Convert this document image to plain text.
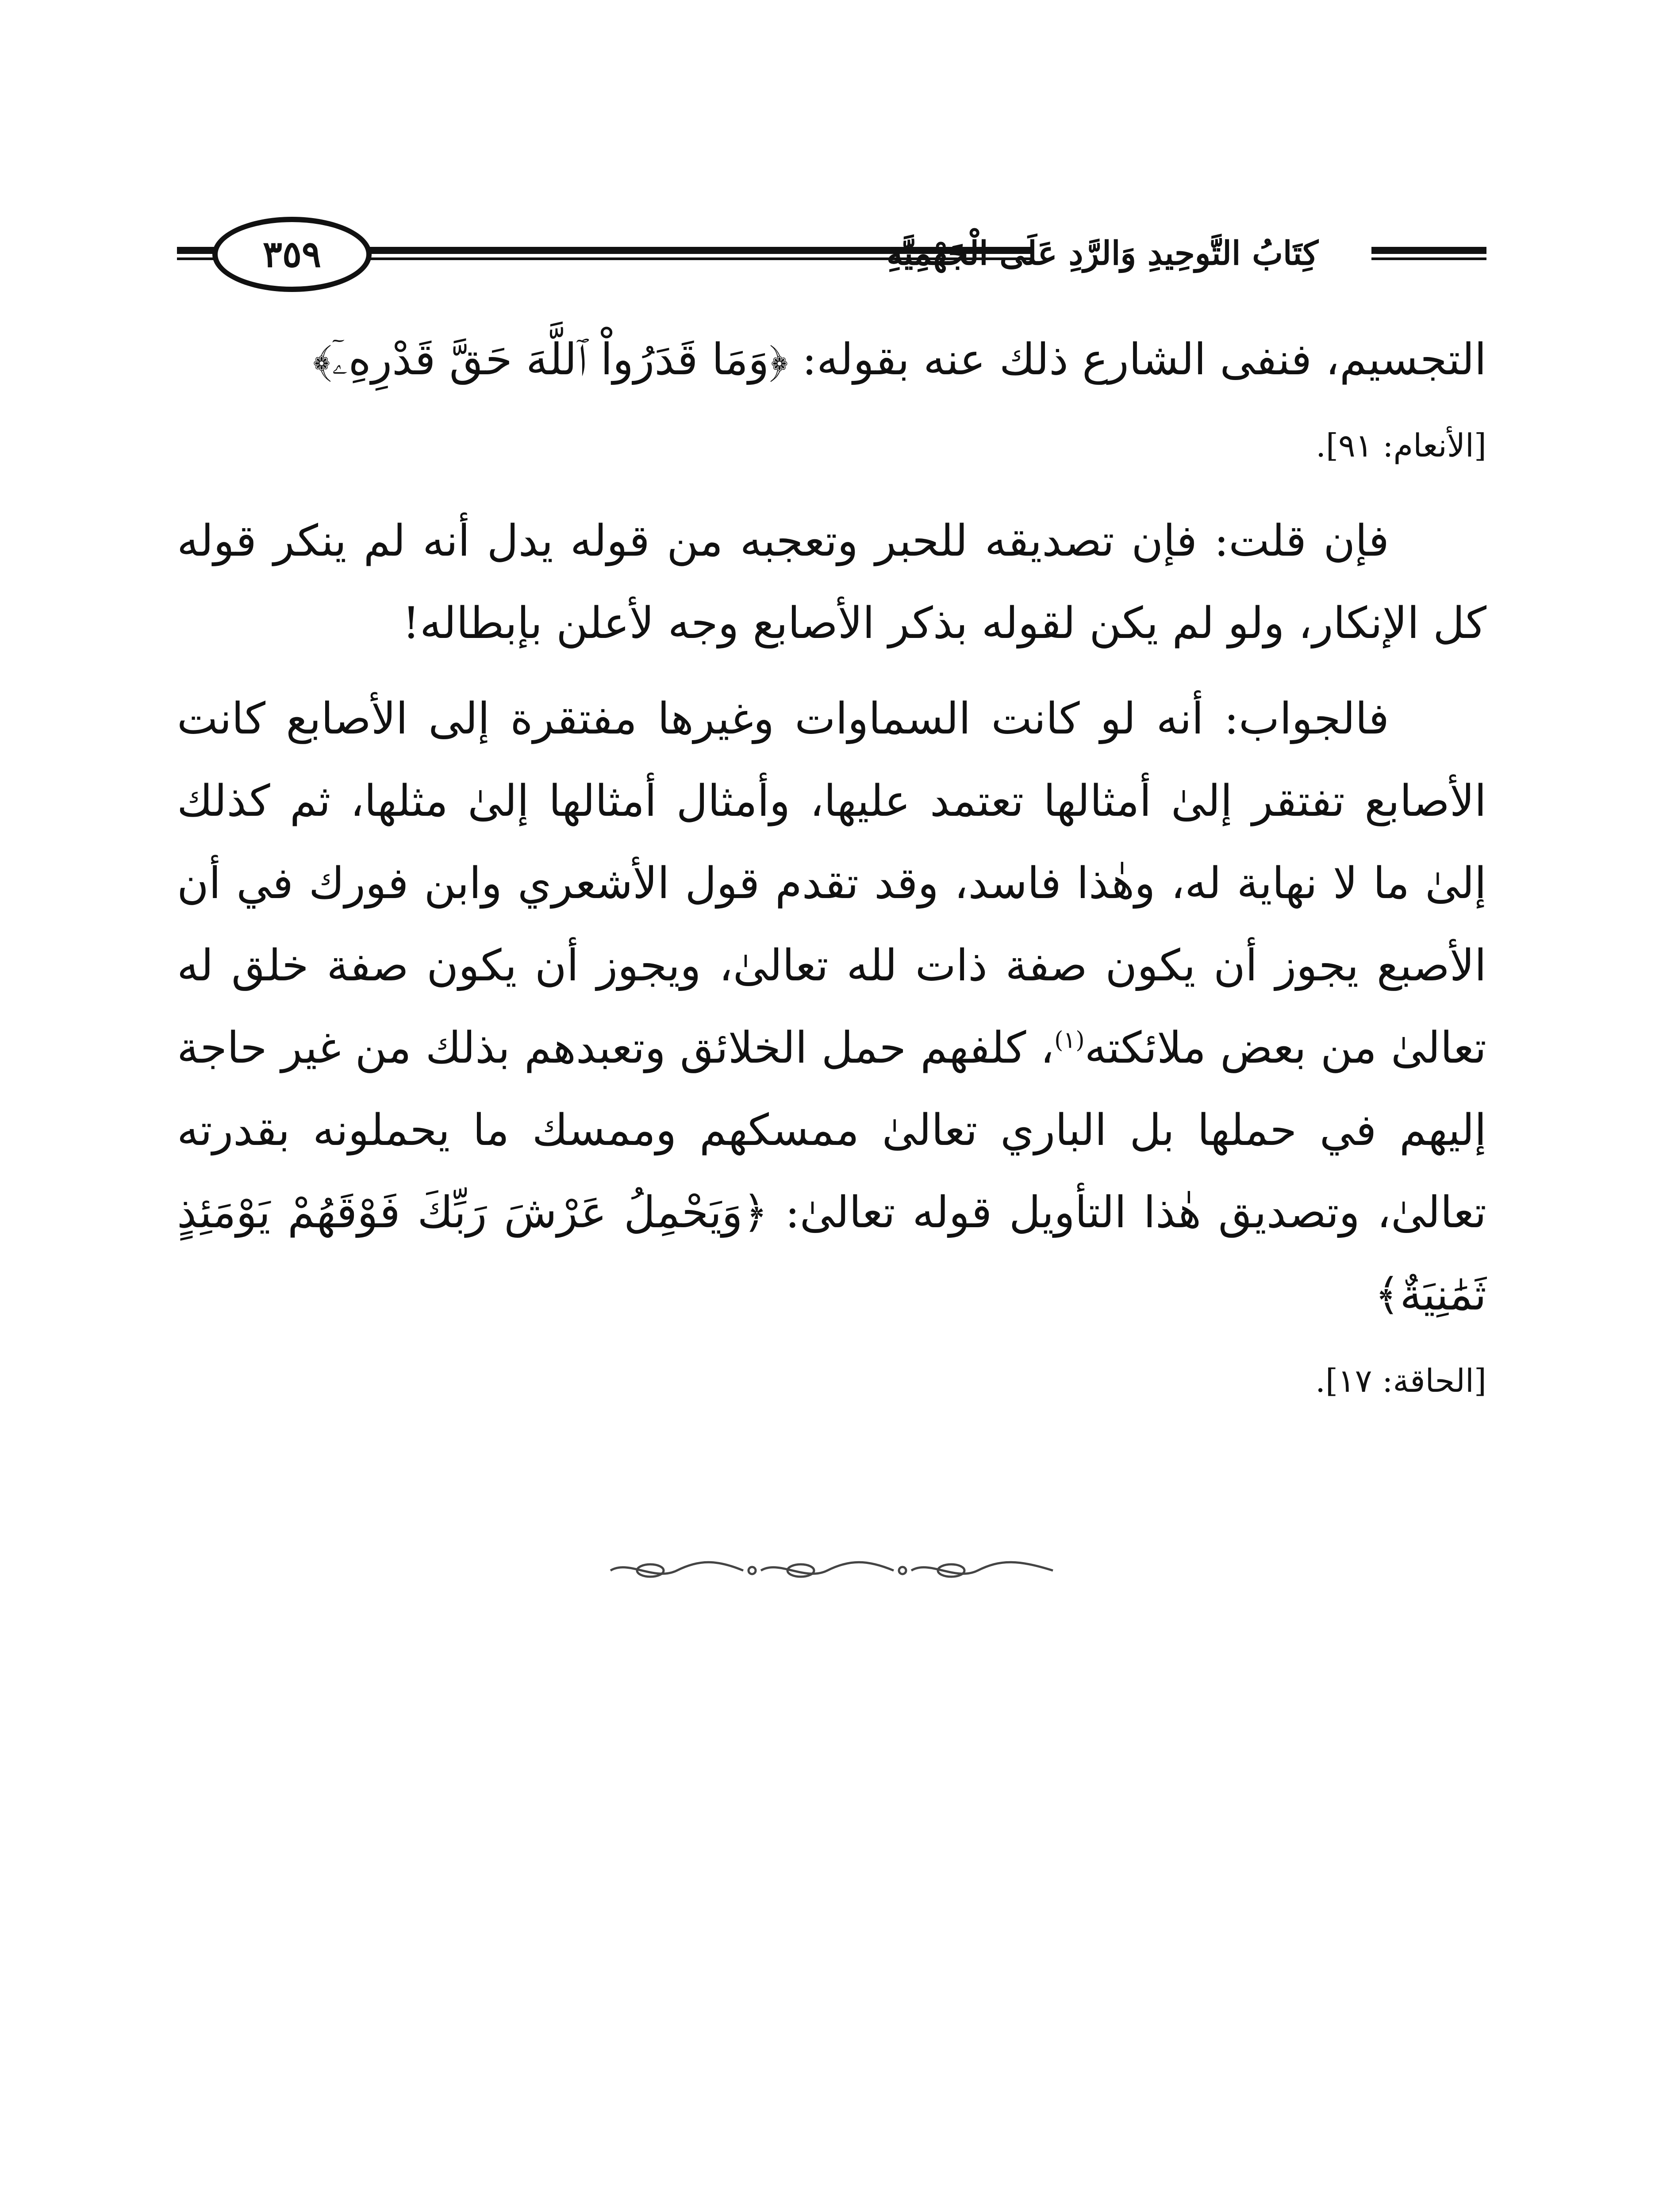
٣٥٩	كِتَابُ التَّوحِيدِ وَالرَّدِ عَلَى الْجَهْمِيَّةِ

التجسيم، فنفى الشارع ذلك عنه بقوله: ﴿وَمَا قَدَرُواْ ٱللَّهَ حَقَّ قَدْرِهِۦٓ﴾
[الأنعام: ٩١].

فإن قلت: فإن تصديقه للحبر وتعجبه من قوله يدل أنه لم ينكر قوله كل الإنكار، ولو لم يكن لقوله بذكر الأصابع وجه لأعلن بإبطاله!

فالجواب: أنه لو كانت السماوات وغيرها مفتقرة إلى الأصابع كانت الأصابع تفتقر إلىٰ أمثالها تعتمد عليها، وأمثال أمثالها إلىٰ مثلها، ثم كذلك إلىٰ ما لا نهاية له، وهٰذا فاسد، وقد تقدم قول الأشعري وابن فورك في أن الأصبع يجوز أن يكون صفة ذات لله تعالىٰ، ويجوز أن يكون صفة خلق له تعالىٰ من بعض ملائكته$^{(١)}$، كلفهم حمل الخلائق وتعبدهم بذلك من غير حاجة إليهم في حملها بل الباري تعالىٰ ممسكهم وممسك ما يحملونه بقدرته تعالىٰ، وتصديق هٰذا التأويل قوله تعالىٰ: ﴿وَيَحْمِلُ عَرْشَ رَبِّكَ فَوْقَهُمْ يَوْمَئِذٍ ثَمَٰنِيَةٌ﴾
[الحاقة: ١٧].
